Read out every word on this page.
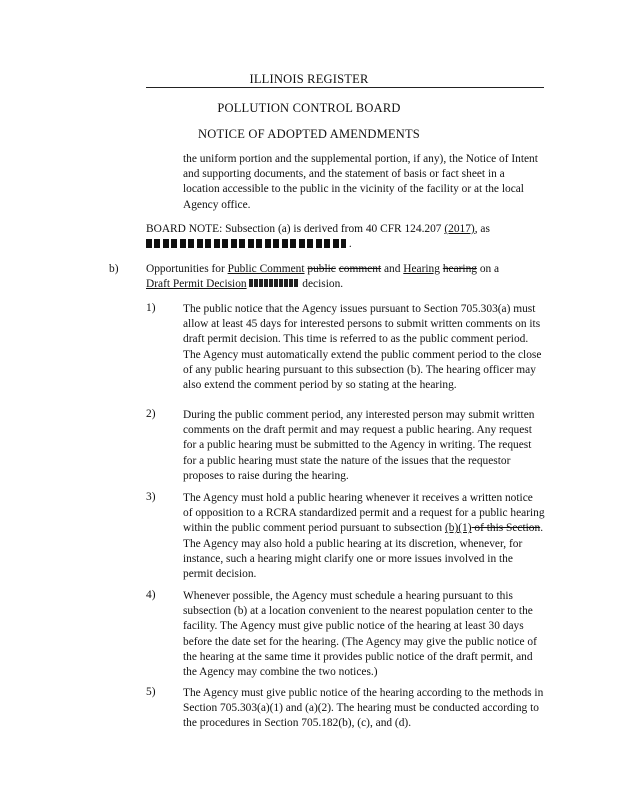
ILLINOIS REGISTER
POLLUTION CONTROL BOARD
NOTICE OF ADOPTED AMENDMENTS
the uniform portion and the supplemental portion, if any), the Notice of Intent and supporting documents, and the statement of basis or fact sheet in a location accessible to the public in the vicinity of the facility or at the local Agency office.
BOARD NOTE: Subsection (a) is derived from 40 CFR 124.207 (2017), as
.
b) Opportunities for Public Comment public comment and Hearing hearing on a
Draft Permit Decision	decision.
1) The public notice that the Agency issues pursuant to Section 705.303(a) must allow at least 45 days for interested persons to submit written comments on its draft permit decision. This time is referred to as the public comment period. The Agency must automatically extend the public comment period to the close of any public hearing pursuant to this subsection (b). The hearing officer may also extend the comment period by so stating at the hearing.
2) During the public comment period, any interested person may submit written comments on the draft permit and may request a public hearing. Any request for a public hearing must be submitted to the Agency in writing. The request for a public hearing must state the nature of the issues that the requestor proposes to raise during the hearing.
3) The Agency must hold a public hearing whenever it receives a written notice of opposition to a RCRA standardized permit and a request for a public hearing within the public comment period pursuant to subsection (b)(1) of this Section. The Agency may also hold a public hearing at its discretion, whenever, for instance, such a hearing might clarify one or more issues involved in the permit decision.
4) Whenever possible, the Agency must schedule a hearing pursuant to this subsection (b) at a location convenient to the nearest population center to the facility. The Agency must give public notice of the hearing at least 30 days before the date set for the hearing. (The Agency may give the public notice of the hearing at the same time it provides public notice of the draft permit, and the Agency may combine the two notices.)
5) The Agency must give public notice of the hearing according to the methods in Section 705.303(a)(1) and (a)(2). The hearing must be conducted according to the procedures in Section 705.182(b), (c), and (d).
